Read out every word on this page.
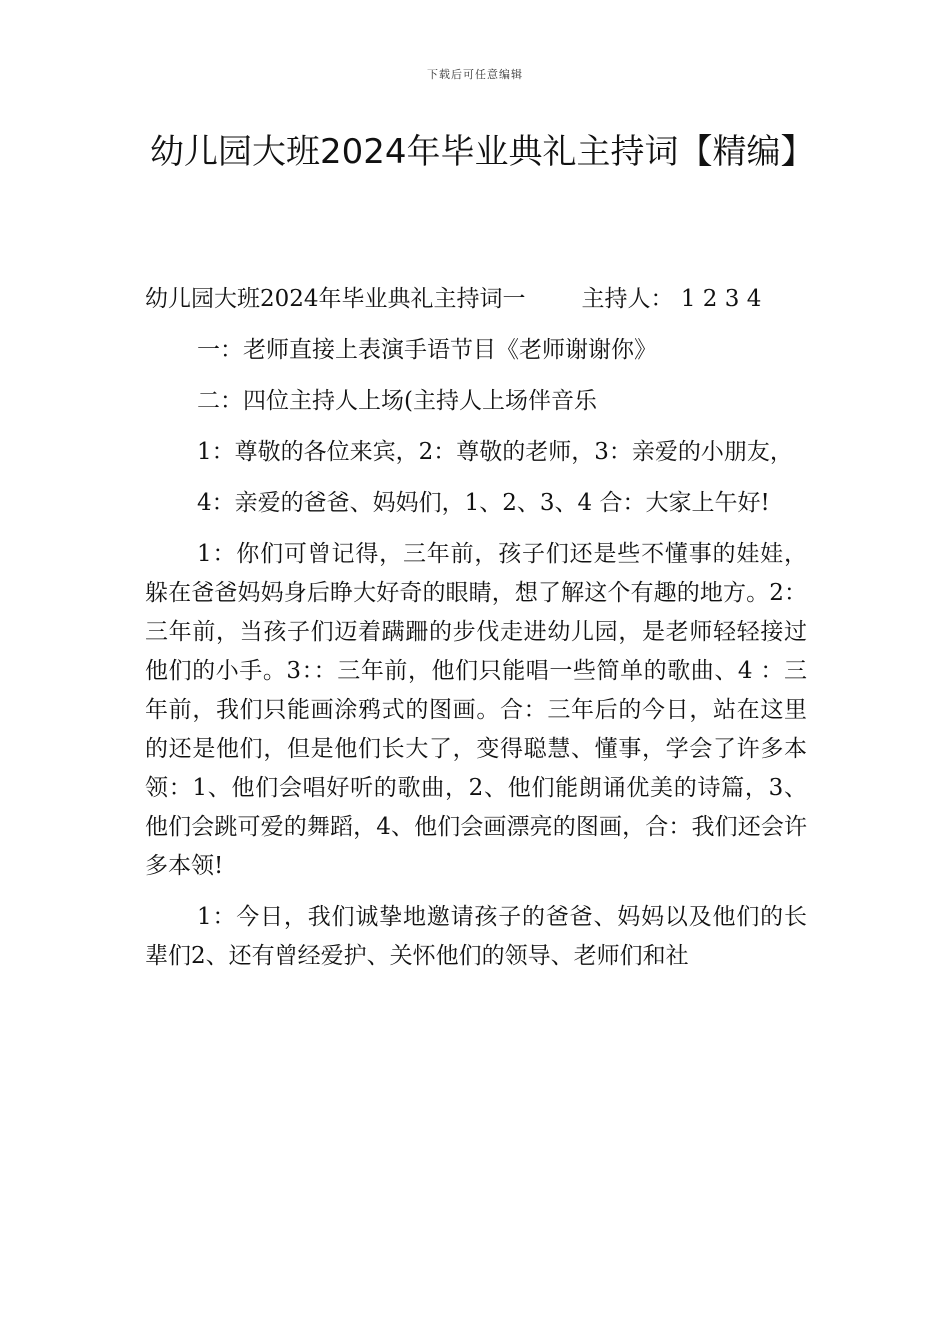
下载后可任意编辑
幼儿园大班2024年毕业典礼主持词【精编】

幼儿园大班2024年毕业典礼主持词一 主持人： 1 2 3 4

一：老师直接上表演手语节目《老师谢谢你》

二：四位主持人上场(主持人上场伴音乐

1：尊敬的各位来宾，2：尊敬的老师，3：亲爱的小朋友，

4：亲爱的爸爸、妈妈们，1、2、3、4 合：大家上午好!

1：你们可曾记得，三年前，孩子们还是些不懂事的娃娃，躲在爸爸妈妈身后睁大好奇的眼睛，想了解这个有趣的地方。2：三年前，当孩子们迈着蹒跚的步伐走进幼儿园，是老师轻轻接过他们的小手。3：：三年前，他们只能唱一些简单的歌曲、4 ：三年前，我们只能画涂鸦式的图画。合：三年后的今日，站在这里的还是他们，但是他们长大了，变得聪慧、懂事，学会了许多本领：1、他们会唱好听的歌曲，2、他们能朗诵优美的诗篇，3、他们会跳可爱的舞蹈，4、他们会画漂亮的图画，合：我们还会许多本领!

1：今日，我们诚挚地邀请孩子的爸爸、妈妈以及他们的长辈们2、还有曾经爱护、关怀他们的领导、老师们和社
